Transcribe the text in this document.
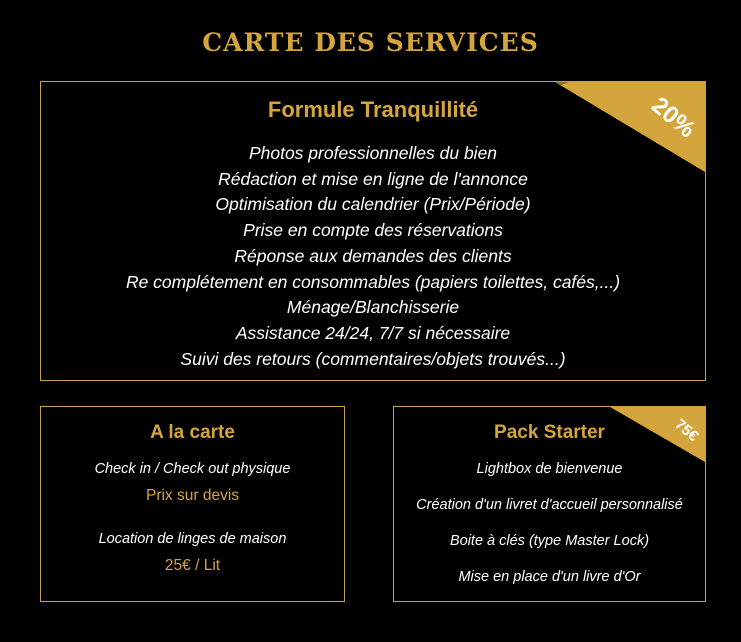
CARTE DES SERVICES
20%
Formule Tranquillité
Photos professionnelles du bien
Rédaction et mise en ligne de l'annonce
Optimisation du calendrier (Prix/Période)
Prise en compte des réservations
Réponse aux demandes des clients
Re complétement en consommables (papiers toilettes, cafés,...)
Ménage/Blanchisserie
Assistance 24/24, 7/7 si nécessaire
Suivi des retours (commentaires/objets trouvés...)
A la carte
Check in / Check out physique
Prix sur devis
Location de linges de maison
25€ / Lit
75€
Pack Starter
Lightbox de bienvenue
Création d'un livret d'accueil personnalisé
Boite à clés (type Master Lock)
Mise en place d'un livre d'Or
